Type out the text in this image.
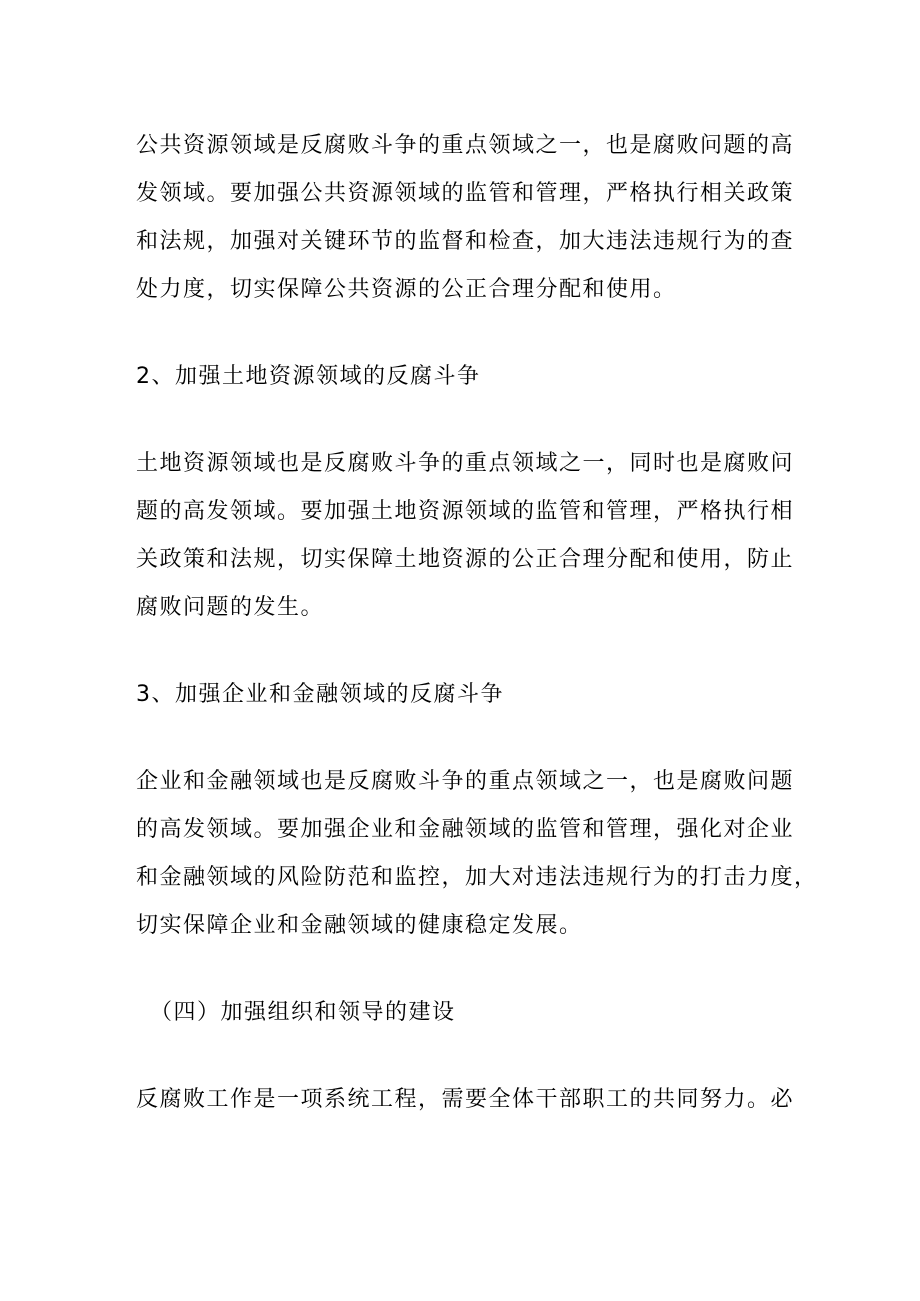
公共资源领域是反腐败斗争的重点领域之一，也是腐败问题的高
发领域。要加强公共资源领域的监管和管理，严格执行相关政策
和法规，加强对关键环节的监督和检查，加大违法违规行为的查
处力度，切实保障公共资源的公正合理分配和使用。

2、加强土地资源领域的反腐斗争

土地资源领域也是反腐败斗争的重点领域之一，同时也是腐败问
题的高发领域。要加强土地资源领域的监管和管理，严格执行相
关政策和法规，切实保障土地资源的公正合理分配和使用，防止
腐败问题的发生。

3、加强企业和金融领域的反腐斗争

企业和金融领域也是反腐败斗争的重点领域之一，也是腐败问题
的高发领域。要加强企业和金融领域的监管和管理，强化对企业
和金融领域的风险防范和监控，加大对违法违规行为的打击力度，
切实保障企业和金融领域的健康稳定发展。

（四）加强组织和领导的建设

反腐败工作是一项系统工程，需要全体干部职工的共同努力。必
